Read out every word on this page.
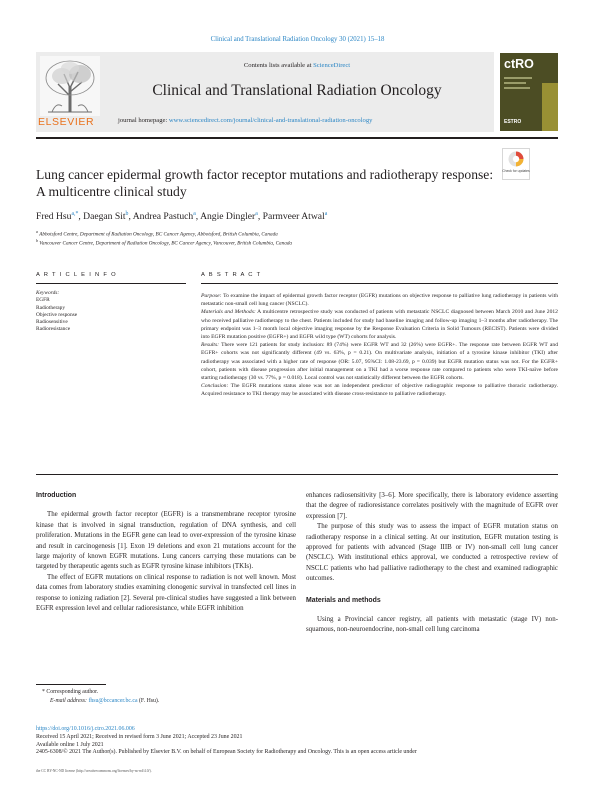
Clinical and Translational Radiation Oncology 30 (2021) 15–18
ELSEVIER
Contents lists available at ScienceDirect
Clinical and Translational Radiation Oncology
journal homepage: www.sciencedirect.com/journal/clinical-and-translational-radiation-oncology
ctRO
ESTRO
Lung cancer epidermal growth factor receptor mutations and radiotherapy response: A multicentre clinical study
Check for updates
Fred Hsu$^{a,*}$, Daegan Sit$^b$, Andrea Pastuch$^a$, Angie Dingler$^a$, Parmveer Atwal$^a$
$^a$ Abbotsford Centre, Department of Radiation Oncology, BC Cancer Agency, Abbotsford, British Columbia, Canada
$^b$ Vancouver Cancer Centre, Department of Radiation Oncology, BC Cancer Agency, Vancouver, British Columbia, Canada
A R T I C L E I N F O	A B S T R A C T
Keywords:
EGFR
Radiotherapy
Objective response
Radiosensitive
Radioresistance

Purpose: To examine the impact of epidermal growth factor receptor (EGFR) mutations on objective response to palliative lung radiotherapy in patients with metastatic non-small cell lung cancer (NSCLC).

Materials and Methods: A multicentre retrospective study was conducted of patients with metastatic NSCLC diagnosed between March 2010 and June 2012 who received palliative radiotherapy to the chest. Patients included for study had baseline imaging and follow-up imaging 1–3 months after radiotherapy. The primary endpoint was 1–3 month local objective imaging response by the Response Evaluation Criteria in Solid Tumours (RECIST). Patients were divided into EGFR mutation positive (EGFR+) and EGFR wild type (WT) cohorts for analysis.

Results: There were 121 patients for study inclusion: 89 (74%) were EGFR WT and 32 (26%) were EGFR+. The response rate between EGFR WT and EGFR+ cohorts was not significantly different (49 vs. 63%, p = 0.21). On multivariate analysis, initiation of a tyrosine kinase inhibitor (TKI) after radiotherapy was associated with a higher rate of response (OR: 5.07, 95%CI: 1.08-23.69, p = 0.039) but EGFR mutation status was not. For the EGFR+ cohort, patients with disease progression after initial management on a TKI had a worse response rate compared to patients who were TKI-naïve before starting radiotherapy (30 vs. 77%, p = 0.018). Local control was not statistically different between the EGFR cohorts.

Conclusion: The EGFR mutations status alone was not an independent predictor of objective radiographic response to palliative thoracic radiotherapy. Acquired resistance to TKI therapy may be associated with disease cross-resistance to palliative radiotherapy.

Introduction

The epidermal growth factor receptor (EGFR) is a transmembrane receptor tyrosine kinase that is involved in signal transduction, regulation of DNA synthesis, and cell proliferation. Mutations in the EGFR gene can lead to over-expression of the tyrosine kinase and result in carcinogenesis [1]. Exon 19 deletions and exon 21 mutations account for the large majority of known EGFR mutations. Lung cancers carrying these mutations can be targeted by therapeutic agents such as EGFR tyrosine kinase inhibitors (TKIs).

The effect of EGFR mutations on clinical response to radiation is not well known. Most data comes from laboratory studies examining clonogenic survival in transfected cell lines in response to ionizing radiation [2]. Several pre-clinical studies have suggested a link between EGFR expression level and cellular radioresistance, while EGFR inhibition

enhances radiosensitivity [3–6]. More specifically, there is laboratory evidence asserting that the degree of radioresistance correlates positively with the magnitude of EGFR over expression [7].

The purpose of this study was to assess the impact of EGFR mutation status on radiotherapy response in a clinical setting. At our institution, EGFR mutation testing is approved for patients with advanced (Stage IIIB or IV) non-small cell lung cancer (NSCLC). With institutional ethics approval, we conducted a retrospective review of NSCLC patients who had palliative radiotherapy to the chest and examined radiographic outcomes.

Materials and methods

Using a Provincial cancer registry, all patients with metastatic (stage IV) non-squamous, non-neuroendocrine, non-small cell lung carcinoma

* Corresponding author.
E-mail address: fhsu@bccancer.bc.ca (F. Hsu).
https://doi.org/10.1016/j.ctro.2021.06.006
Received 15 April 2021; Received in revised form 3 June 2021; Accepted 23 June 2021
Available online 1 July 2021
2405-6308/© 2021 The Author(s). Published by Elsevier B.V. on behalf of European Society for Radiotherapy and Oncology. This is an open access article under
the CC BY-NC-ND license (http://creativecommons.org/licenses/by-nc-nd/4.0/).
